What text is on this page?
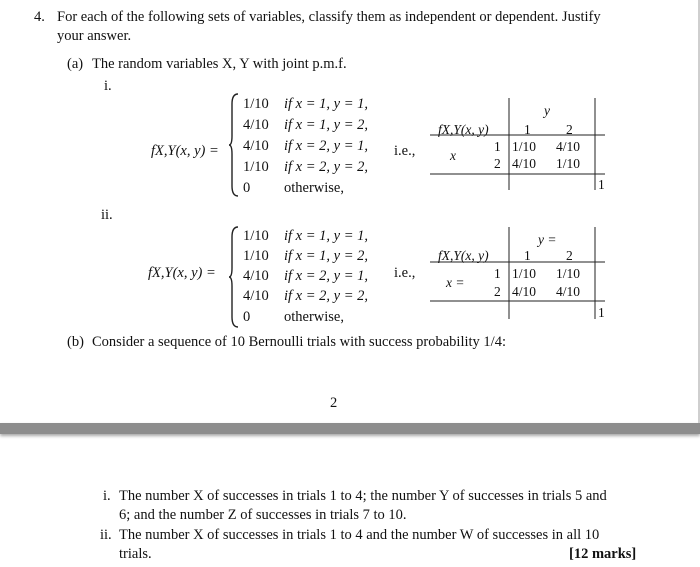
4. For each of the following sets of variables, classify them as independent or dependent. Justify
your answer.
(a) The random variables X, Y with joint p.m.f.
i.
fX,Y(x, y) =
1/10 if x = 1, y = 1,
4/10 if x = 1, y = 2,
4/10 if x = 2, y = 1,
1/10 if x = 2, y = 2,
0 otherwise,
i.e.,
y
fX,Y(x, y)	1	2
x
1 1/10 4/10
2 4/10 1/10
1
ii.
fX,Y(x, y) =
1/10 if x = 1, y = 1,
1/10 if x = 1, y = 2,
4/10 if x = 2, y = 1,
4/10 if x = 2, y = 2,
0 otherwise,
i.e.,
y =
fX,Y(x, y)	1	2
x =
1 1/10 1/10
2 4/10 4/10
1
(b) Consider a sequence of 10 Bernoulli trials with success probability 1/4:
2
i. The number X of successes in trials 1 to 4; the number Y of successes in trials 5 and
6; and the number Z of successes in trials 7 to 10.
ii. The number X of successes in trials 1 to 4 and the number W of successes in all 10
trials.	[12 marks]
